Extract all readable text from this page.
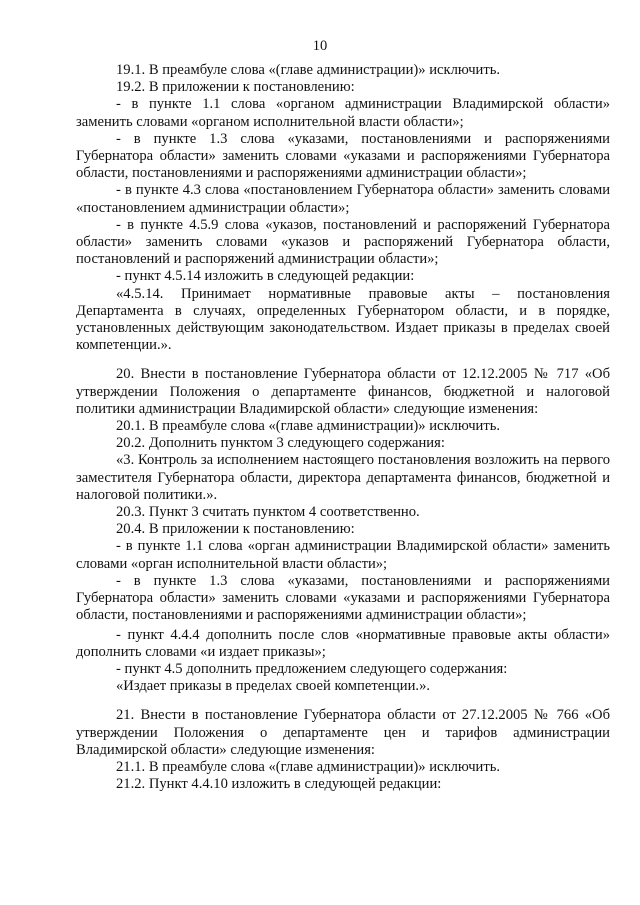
10

19.1. В преамбуле слова «(главе администрации)» исключить.

19.2. В приложении к постановлению:

- в пункте 1.1 слова «органом администрации Владимирской области» заменить словами «органом исполнительной власти области»;

- в пункте 1.3 слова «указами, постановлениями и распоряжениями Губернатора области» заменить словами «указами и распоряжениями Губернатора области, постановлениями и распоряжениями администрации области»;

- в пункте 4.3 слова «постановлением Губернатора области» заменить словами «постановлением администрации области»;

- в пункте 4.5.9 слова «указов, постановлений и распоряжений Губернатора области» заменить словами «указов и распоряжений Губернатора области, постановлений и распоряжений администрации области»;

- пункт 4.5.14 изложить в следующей редакции:

«4.5.14. Принимает нормативные правовые акты – постановления Департамента в случаях, определенных Губернатором области, и в порядке, установленных действующим законодательством. Издает приказы в пределах своей компетенции.».

20. Внести в постановление Губернатора области от 12.12.2005 № 717 «Об утверждении Положения о департаменте финансов, бюджетной и налоговой политики администрации Владимирской области» следующие изменения:

20.1. В преамбуле слова «(главе администрации)» исключить.

20.2. Дополнить пунктом 3 следующего содержания:

«3. Контроль за исполнением настоящего постановления возложить на первого заместителя Губернатора области, директора департамента финансов, бюджетной и налоговой политики.».

20.3. Пункт 3 считать пунктом 4 соответственно.

20.4. В приложении к постановлению:

- в пункте 1.1 слова «орган администрации Владимирской области» заменить словами «орган исполнительной власти области»;

- в пункте 1.3 слова «указами, постановлениями и распоряжениями Губернатора области» заменить словами «указами и распоряжениями Губернатора области, постановлениями и распоряжениями администрации области»;

- пункт 4.4.4 дополнить после слов «нормативные правовые акты области» дополнить словами «и издает приказы»;

- пункт 4.5 дополнить предложением следующего содержания:

«Издает приказы в пределах своей компетенции.».

21. Внести в постановление Губернатора области от 27.12.2005 № 766 «Об утверждении Положения о департаменте цен и тарифов администрации Владимирской области» следующие изменения:

21.1. В преамбуле слова «(главе администрации)» исключить.

21.2. Пункт 4.4.10 изложить в следующей редакции:
